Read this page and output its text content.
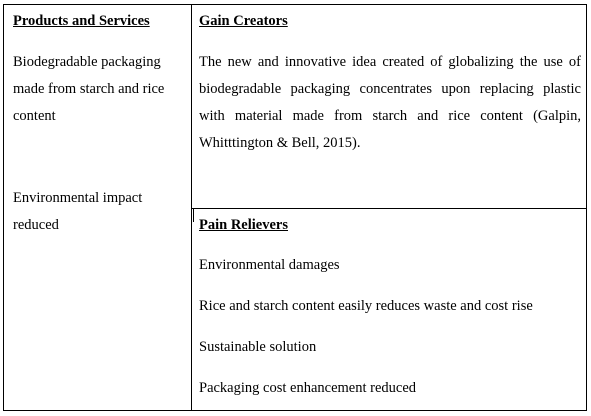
Products and Services
Biodegradable packaging made from starch and rice content
Environmental impact reduced
Gain Creators
The new and innovative idea created of globalizing the use of biodegradable packaging concentrates upon replacing plastic with material made from starch and rice content (Galpin, Whitttington & Bell, 2015).
Pain Relievers
Environmental damages
Rice and starch content easily reduces waste and cost rise
Sustainable solution
Packaging cost enhancement reduced
